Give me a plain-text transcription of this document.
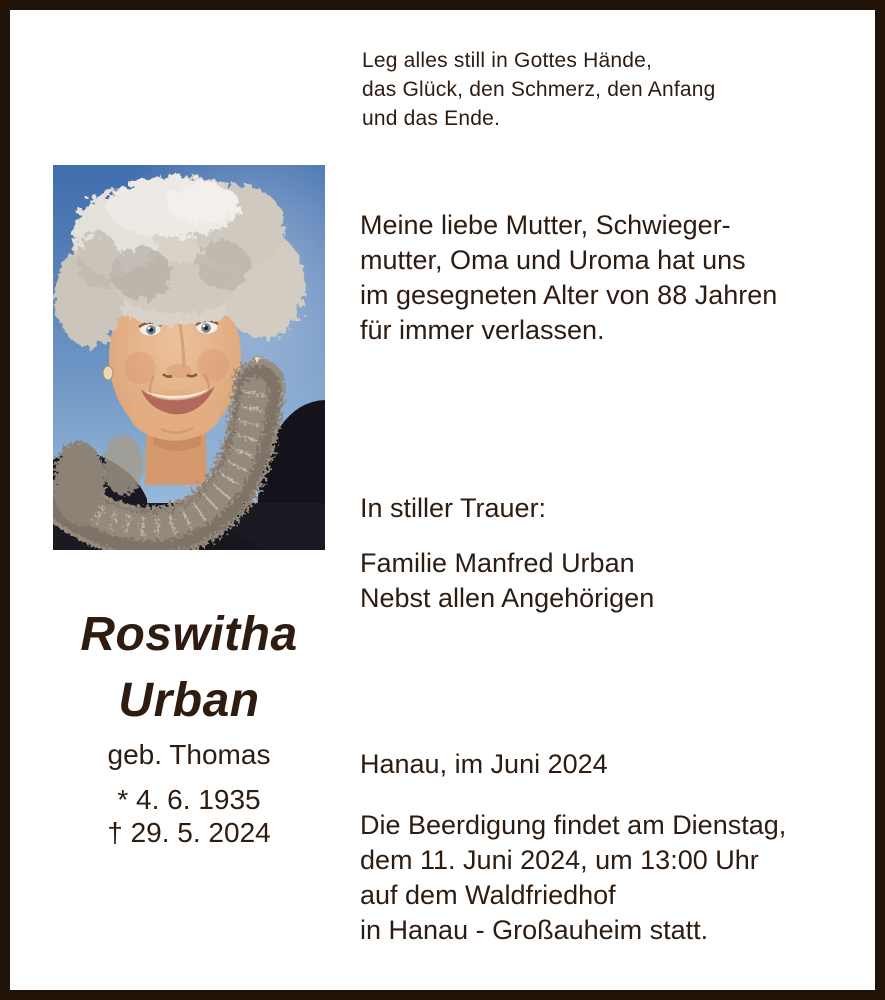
Leg alles still in Gottes Hände,
das Glück, den Schmerz, den Anfang
und das Ende.
Meine liebe Mutter, Schwieger-
mutter, Oma und Uroma hat uns
im gesegneten Alter von 88 Jahren
für immer verlassen.
In stiller Trauer:
Familie Manfred Urban
Nebst allen Angehörigen
Roswitha
Urban
geb. Thomas
* 4. 6. 1935
† 29. 5. 2024
Hanau, im Juni 2024
Die Beerdigung findet am Dienstag,
dem 11. Juni 2024, um 13:00 Uhr
auf dem Waldfriedhof
in Hanau - Großauheim statt.
